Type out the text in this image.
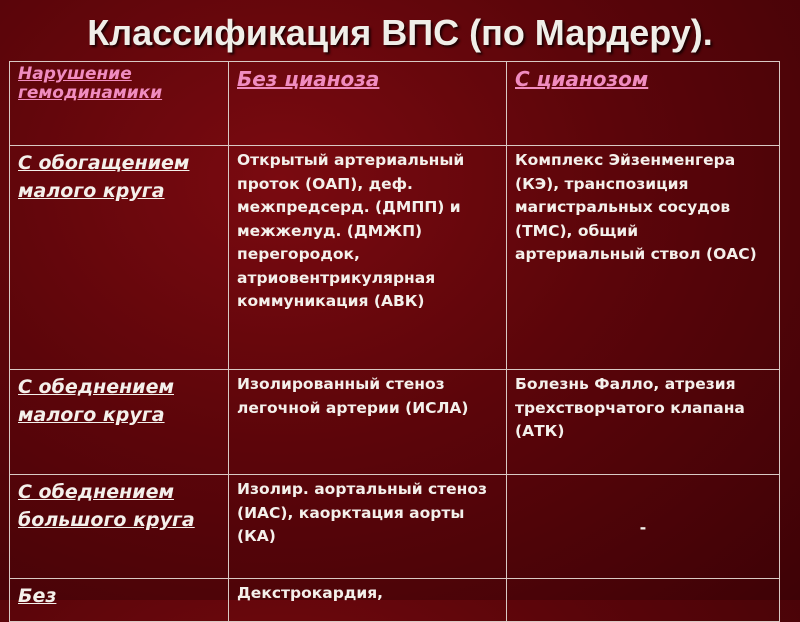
Классификация ВПС (по Мардеру).
Нарушение гемодинамики	Без цианоза	С цианозом

С обогащением малого круга	Открытый артериальный проток (ОАП), деф. межпредсерд. (ДМПП) и межжелуд. (ДМЖП) перегородок, атриовентрикулярная коммуникация (АВК)	Комплекс Эйзенменгера (КЭ), транспозиция магистральных сосудов (ТМС), общий артериальный ствол (ОАС)

С обеднением малого круга	Изолированный стеноз легочной артерии (ИСЛА)	Болезнь Фалло, атрезия трехстворчатого клапана (АТК)

С обеднением большого круга	Изолир. аортальный стеноз (ИАС), каорктация аорты (КА)	-

Без	Декстрокардия,	
